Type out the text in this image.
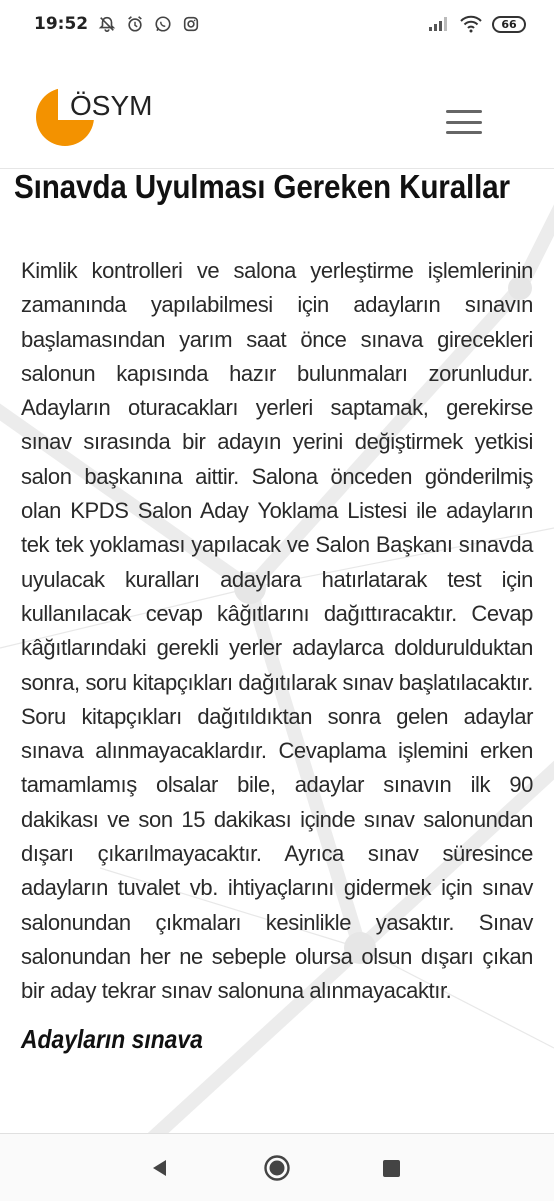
19:52	66
ÖSYM
Sınavda Uyulması Gereken Kurallar

Kimlik kontrolleri ve salona yerleştirme işlemlerinin zamanında yapılabilmesi için adayların sınavın başlamasından yarım saat önce sınava girecekleri salonun kapısında hazır bulunmaları zorunludur. Adayların oturacakları yerleri saptamak, gerekirse sınav sırasında bir adayın yerini değiştirmek yetkisi salon başkanına aittir. Salona önceden gönderilmiş olan KPDS Salon Aday Yoklama Listesi ile adayların tek tek yoklaması yapılacak ve Salon Başkanı sınavda uyulacak kuralları adaylara hatırlatarak test için kullanılacak cevap kâğıtlarını dağıttıracaktır. Cevap kâğıtlarındaki gerekli yerler adaylarca doldurulduktan sonra, soru kitapçıkları dağıtılarak sınav başlatılacaktır. Soru kitapçıkları dağıtıldıktan sonra gelen adaylar sınava alınmayacaklardır. Cevaplama işlemini erken tamamlamış olsalar bile, adaylar sınavın ilk 90 dakikası ve son 15 dakikası içinde sınav salonundan dışarı çıkarılmayacaktır. Ayrıca sınav süresince adayların tuvalet vb. ihtiyaçlarını gidermek için sınav salonundan çıkmaları kesinlikle yasaktır. Sınav salonundan her ne sebeple olursa olsun dışarı çıkan bir aday tekrar sınav salonuna alınmayacaktır.

Adayların sınava
